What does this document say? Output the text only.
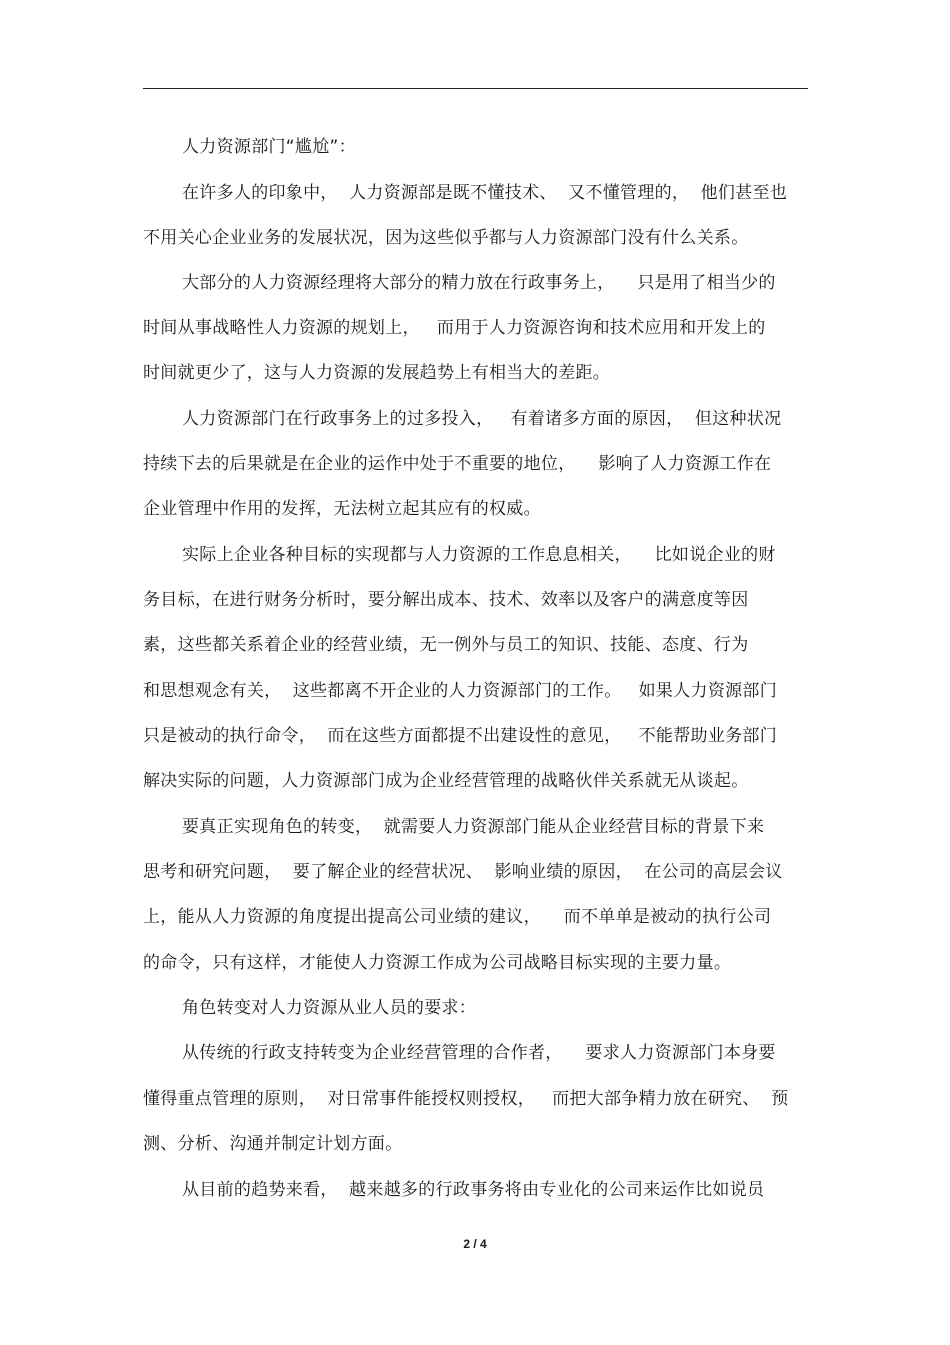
人力资源部门“尴尬”：
在许多人的印象中，  人力资源部是既不懂技术、  又不懂管理的，  他们甚至也
不用关心企业业务的发展状况，因为这些似乎都与人力资源部门没有什么关系。
大部分的人力资源经理将大部分的精力放在行政事务上，    只是用了相当少的
时间从事战略性人力资源的规划上，   而用于人力资源咨询和技术应用和开发上的
时间就更少了，这与人力资源的发展趋势上有相当大的差距。
人力资源部门在行政事务上的过多投入，   有着诸多方面的原因，  但这种状况
持续下去的后果就是在企业的运作中处于不重要的地位，    影响了人力资源工作在
企业管理中作用的发挥，无法树立起其应有的权威。
实际上企业各种目标的实现都与人力资源的工作息息相关，    比如说企业的财
务目标，在进行财务分析时，要分解出成本、技术、效率以及客户的满意度等因
素，这些都关系着企业的经营业绩，无一例外与员工的知识、技能、态度、行为
和思想观念有关，  这些都离不开企业的人力资源部门的工作。   如果人力资源部门
只是被动的执行命令，  而在这些方面都提不出建设性的意见，   不能帮助业务部门
解决实际的问题，人力资源部门成为企业经营管理的战略伙伴关系就无从谈起。
要真正实现角色的转变，  就需要人力资源部门能从企业经营目标的背景下来
思考和研究问题，  要了解企业的经营状况、  影响业绩的原因，  在公司的高层会议
上，能从人力资源的角度提出提高公司业绩的建议，    而不单单是被动的执行公司
的命令，只有这样，才能使人力资源工作成为公司战略目标实现的主要力量。
角色转变对人力资源从业人员的要求：
从传统的行政支持转变为企业经营管理的合作者，    要求人力资源部门本身要
懂得重点管理的原则，  对日常事件能授权则授权，   而把大部争精力放在研究、  预
测、分析、沟通并制定计划方面。
从目前的趋势来看，  越来越多的行政事务将由专业化的公司来运作比如说员
2 / 4
